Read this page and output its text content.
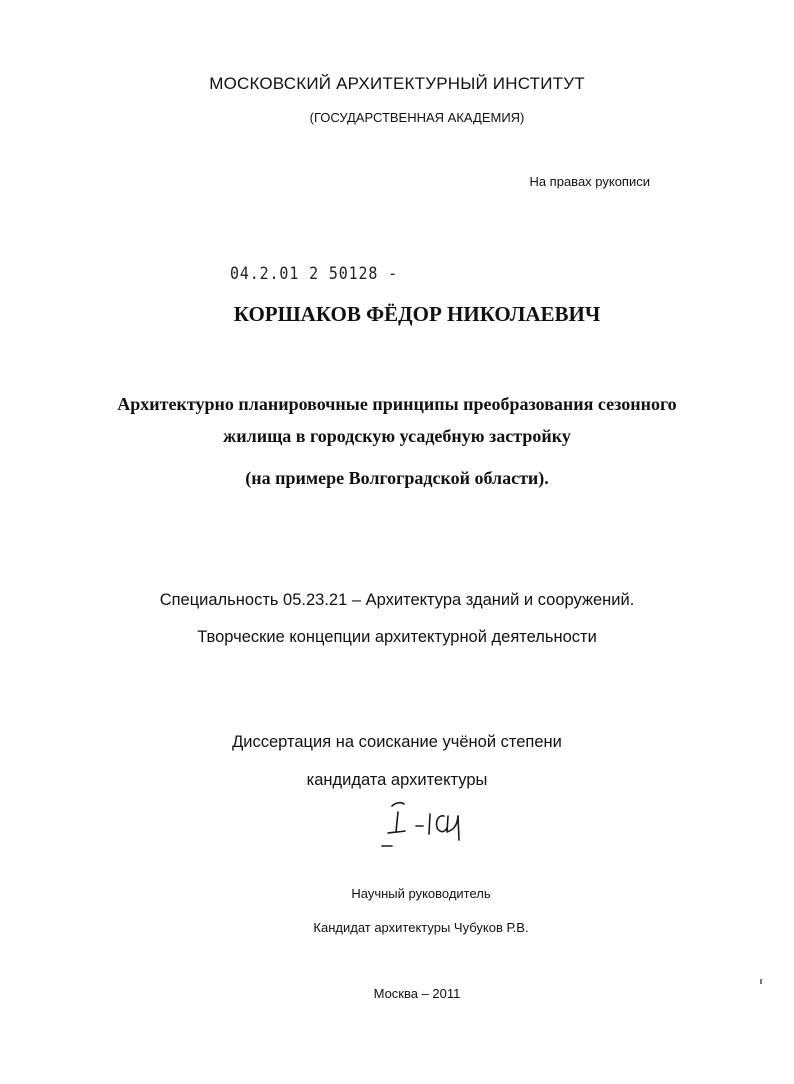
МОСКОВСКИЙ АРХИТЕКТУРНЫЙ ИНСТИТУТ
(ГОСУДАРСТВЕННАЯ АКАДЕМИЯ)
На правах рукописи
04.2.01 2 50128 -
КОРШАКОВ ФЁДОР НИКОЛАЕВИЧ
Архитектурно планировочные принципы преобразования сезонного
жилища в городскую усадебную застройку
(на примере Волгоградской области).
Специальность 05.23.21 – Архитектура зданий и сооружений.
Творческие концепции архитектурной деятельности
Диссертация на соискание учёной степени
кандидата архитектуры
Научный руководитель
Кандидат архитектуры Чубуков Р.В.
Москва – 2011
